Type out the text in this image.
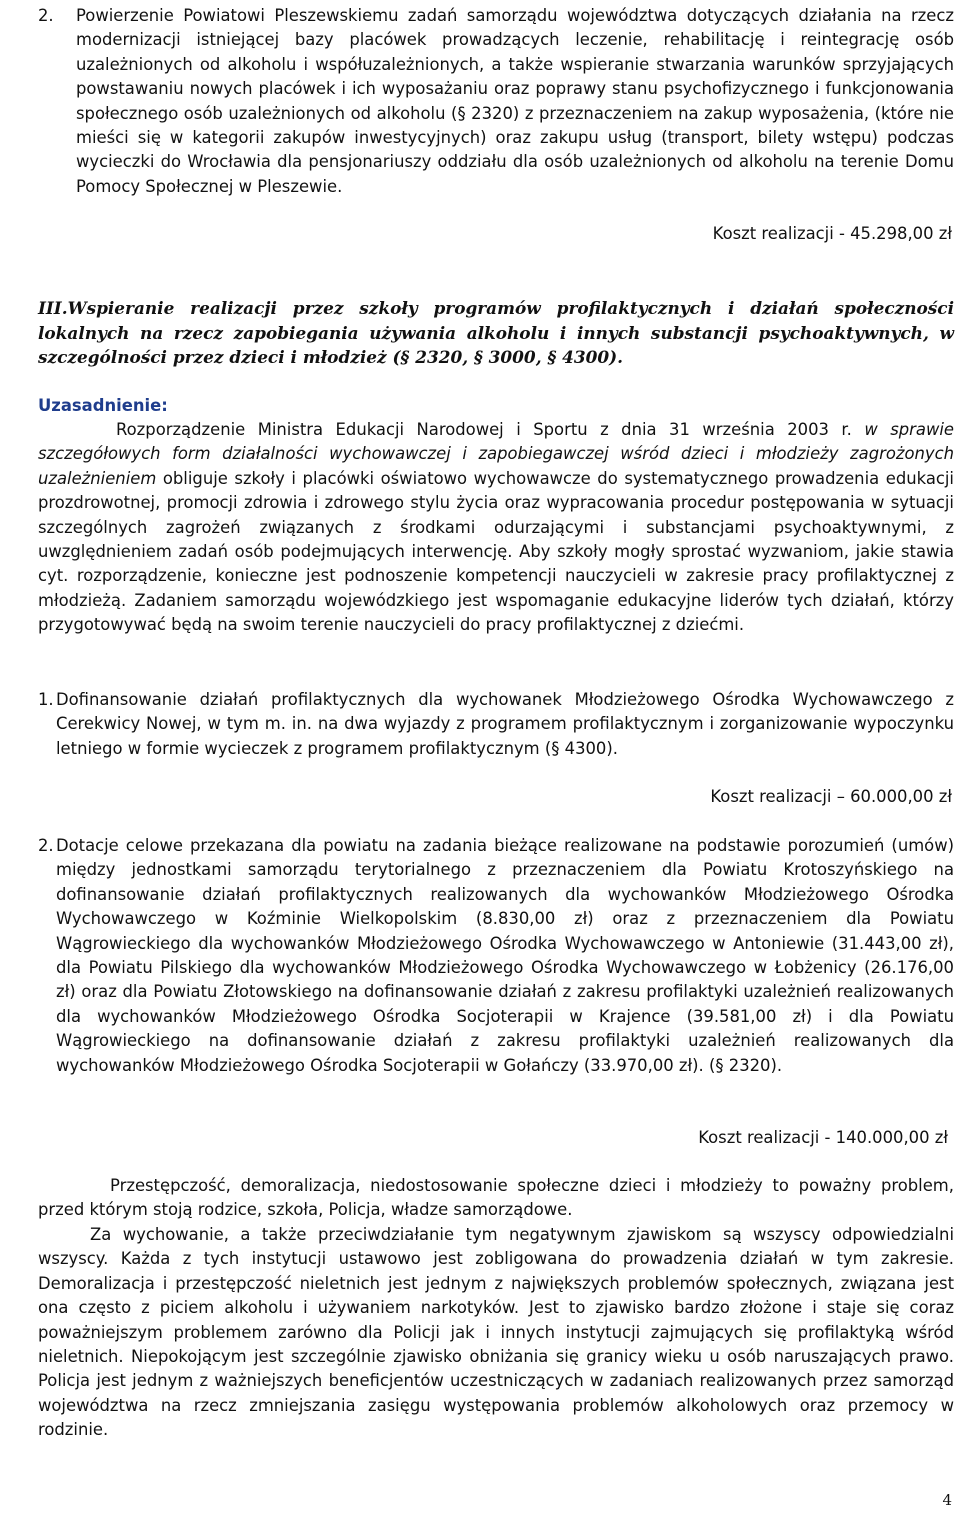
2. Powierzenie Powiatowi Pleszewskiemu zadań samorządu województwa dotyczących działania na rzecz modernizacji istniejącej bazy placówek prowadzących leczenie, rehabilitację i reintegrację osób uzależnionych od alkoholu i współuzależnionych, a także wspieranie stwarzania warunków sprzyjających powstawaniu nowych placówek i ich wyposażaniu oraz poprawy stanu psychofizycznego i funkcjonowania społecznego osób uzależnionych od alkoholu (§ 2320) z przeznaczeniem na zakup wyposażenia, (które nie mieści się w kategorii zakupów inwestycyjnych) oraz zakupu usług (transport, bilety wstępu) podczas wycieczki do Wrocławia dla pensjonariuszy oddziału dla osób uzależnionych od alkoholu na terenie Domu Pomocy Społecznej w Pleszewie.

Koszt realizacji - 45.298,00 zł
III.Wspieranie realizacji przez szkoły programów profilaktycznych i działań społeczności lokalnych na rzecz zapobiegania używania alkoholu i innych substancji psychoaktywnych, w szczególności przez dzieci i młodzież (§ 2320, § 3000, § 4300).
Uzasadnienie:
Rozporządzenie Ministra Edukacji Narodowej i Sportu z dnia 31 września 2003 r. w sprawie szczegółowych form działalności wychowawczej i zapobiegawczej wśród dzieci i młodzieży zagrożonych uzależnieniem obliguje szkoły i placówki oświatowo wychowawcze do systematycznego prowadzenia edukacji prozdrowotnej, promocji zdrowia i zdrowego stylu życia oraz wypracowania procedur postępowania w sytuacji szczególnych zagrożeń związanych z środkami odurzającymi i substancjami psychoaktywnymi, z uwzględnieniem zadań osób podejmujących interwencję. Aby szkoły mogły sprostać wyzwaniom, jakie stawia cyt. rozporządzenie, konieczne jest podnoszenie kompetencji nauczycieli w zakresie pracy profilaktycznej z młodzieżą. Zadaniem samorządu wojewódzkiego jest wspomaganie edukacyjne liderów tych działań, którzy przygotowywać będą na swoim terenie nauczycieli do pracy profilaktycznej z dziećmi.
1. Dofinansowanie działań profilaktycznych dla wychowanek Młodzieżowego Ośrodka Wychowawczego z Cerekwicy Nowej, w tym m. in. na dwa wyjazdy z programem profilaktycznym i zorganizowanie wypoczynku letniego w formie wycieczek z programem profilaktycznym (§ 4300).

Koszt realizacji – 60.000,00 zł
2. Dotacje celowe przekazana dla powiatu na zadania bieżące realizowane na podstawie porozumień (umów) między jednostkami samorządu terytorialnego z przeznaczeniem dla Powiatu Krotoszyńskiego na dofinansowanie działań profilaktycznych realizowanych dla wychowanków Młodzieżowego Ośrodka Wychowawczego w Koźminie Wielkopolskim (8.830,00 zł) oraz z przeznaczeniem dla Powiatu Wągrowieckiego dla wychowanków Młodzieżowego Ośrodka Wychowawczego w Antoniewie (31.443,00 zł), dla Powiatu Pilskiego dla wychowanków Młodzieżowego Ośrodka Wychowawczego w Łobżenicy (26.176,00 zł) oraz dla Powiatu Złotowskiego na dofinansowanie działań z zakresu profilaktyki uzależnień realizowanych dla wychowanków Młodzieżowego Ośrodka Socjoterapii w Krajence (39.581,00 zł) i dla Powiatu Wągrowieckiego na dofinansowanie działań z zakresu profilaktyki uzależnień realizowanych dla wychowanków Młodzieżowego Ośrodka Socjoterapii w Gołańczy (33.970,00 zł). (§ 2320).

Koszt realizacji - 140.000,00 zł
Przestępczość, demoralizacja, niedostosowanie społeczne dzieci i młodzieży to poważny problem, przed którym stoją rodzice, szkoła, Policja, władze samorządowe.
Za wychowanie, a także przeciwdziałanie tym negatywnym zjawiskom są wszyscy odpowiedzialni wszyscy. Każda z tych instytucji ustawowo jest zobligowana do prowadzenia działań w tym zakresie. Demoralizacja i przestępczość nieletnich jest jednym z największych problemów społecznych, związana jest ona często z piciem alkoholu i używaniem narkotyków. Jest to zjawisko bardzo złożone i staje się coraz poważniejszym problemem zarówno dla Policji jak i innych instytucji zajmujących się profilaktyką wśród nieletnich. Niepokojącym jest szczególnie zjawisko obniżania się granicy wieku u osób naruszających prawo. Policja jest jednym z ważniejszych beneficjentów uczestniczących w zadaniach realizowanych przez samorząd województwa na rzecz zmniejszania zasięgu występowania problemów alkoholowych oraz przemocy w rodzinie.
4
